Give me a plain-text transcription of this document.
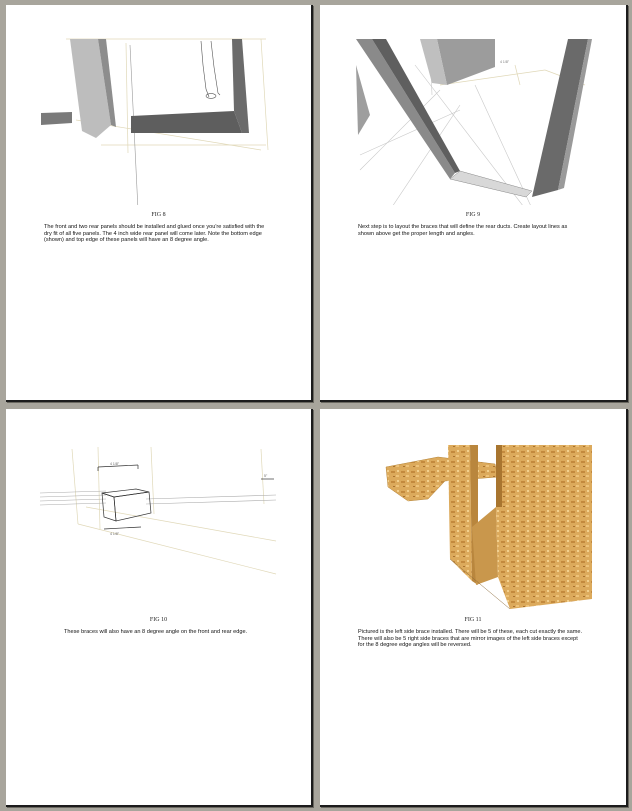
FIG 8
The front and two rear panels should be installed and glued once you're satisfied with the
dry fit of all five panels. The 4 inch wide rear panel will come later. Note the bottom edge
(shown) and top edge of these panels will have an 8 degree angle.
4 1/8"
FIG 9
Next step is to layout the braces that will define the rear ducts. Create layout lines as
shown above get the proper length and angles.
4 1/8"
4 1/8"
5"
FIG 10
These braces will also have an 8 degree angle on the front and rear edge.
FIG 11
Pictured is the left side brace installed. There will be 5 of these, each cut exactly the same.
There will also be 5 right side braces that are mirror images of the left side braces except
for the 8 degree edge angles will be reversed.
